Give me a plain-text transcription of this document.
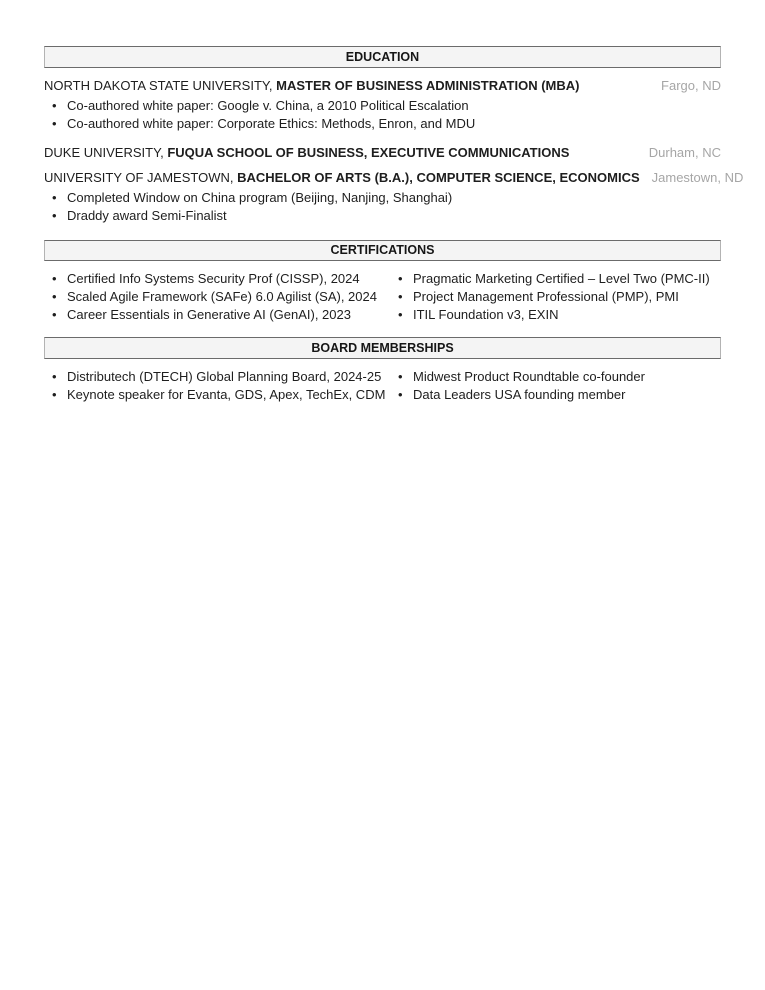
EDUCATION
NORTH DAKOTA STATE UNIVERSITY, MASTER OF BUSINESS ADMINISTRATION (MBA)	Fargo, ND
• Co-authored white paper: Google v. China, a 2010 Political Escalation
• Co-authored white paper: Corporate Ethics: Methods, Enron, and MDU
DUKE UNIVERSITY, FUQUA SCHOOL OF BUSINESS, EXECUTIVE COMMUNICATIONS	Durham, NC
UNIVERSITY OF JAMESTOWN, BACHELOR OF ARTS (B.A.), COMPUTER SCIENCE, ECONOMICS Jamestown, ND
• Completed Window on China program (Beijing, Nanjing, Shanghai)
• Draddy award Semi-Finalist
CERTIFICATIONS
• Certified Info Systems Security Prof (CISSP), 2024
• Scaled Agile Framework (SAFe) 6.0 Agilist (SA), 2024
• Career Essentials in Generative AI (GenAI), 2023
• Pragmatic Marketing Certified – Level Two (PMC-II)
• Project Management Professional (PMP), PMI
• ITIL Foundation v3, EXIN
BOARD MEMBERSHIPS
• Distributech (DTECH) Global Planning Board, 2024-25
• Keynote speaker for Evanta, GDS, Apex, TechEx, CDM
• Midwest Product Roundtable co-founder
• Data Leaders USA founding member
